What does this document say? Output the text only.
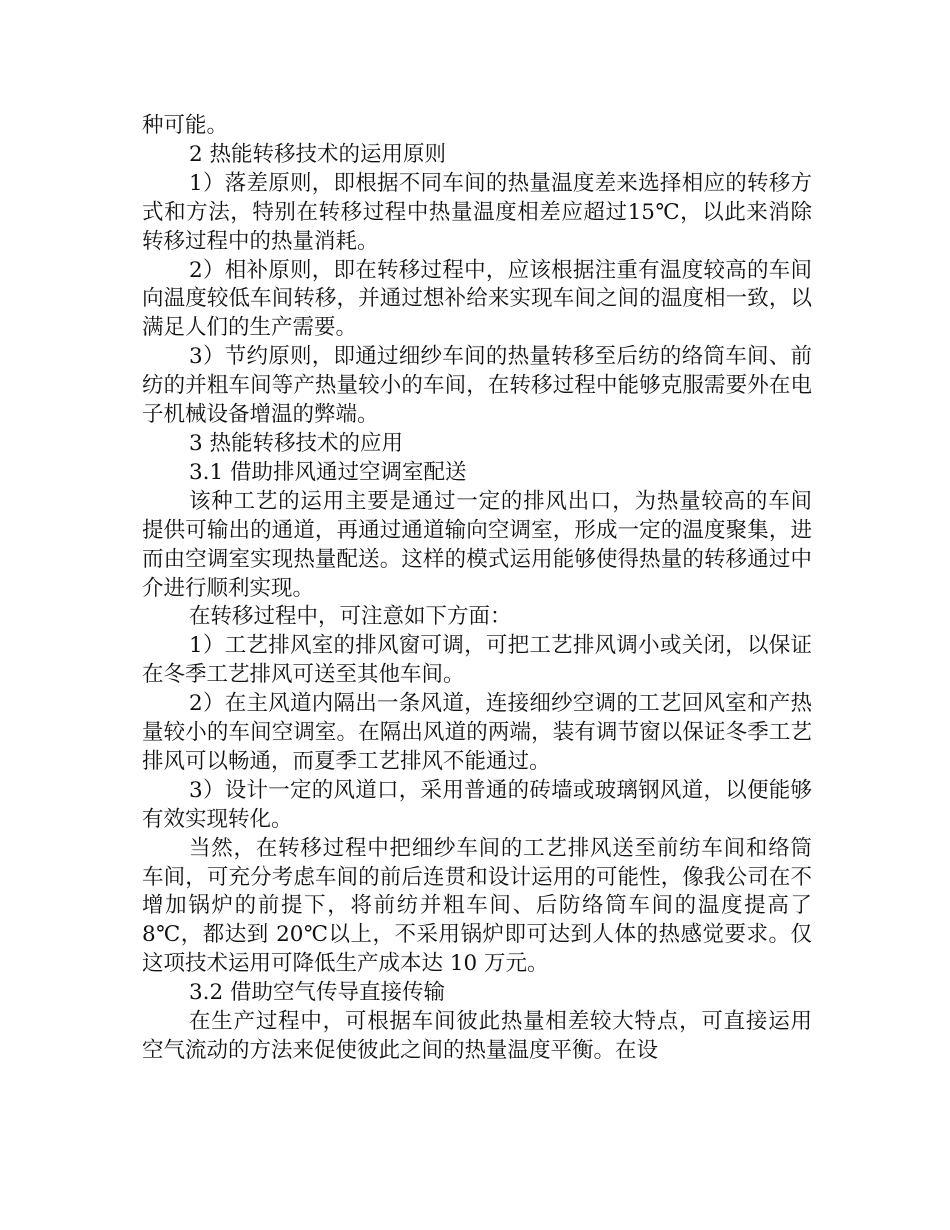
种可能。

2 热能转移技术的运用原则

1）落差原则，即根据不同车间的热量温度差来选择相应的转移方式和方法，特别在转移过程中热量温度相差应超过15℃，以此来消除转移过程中的热量消耗。

2）相补原则，即在转移过程中，应该根据注重有温度较高的车间向温度较低车间转移，并通过想补给来实现车间之间的温度相一致，以满足人们的生产需要。

3）节约原则，即通过细纱车间的热量转移至后纺的络筒车间、前纺的并粗车间等产热量较小的车间，在转移过程中能够克服需要外在电子机械设备增温的弊端。

3 热能转移技术的应用

3.1 借助排风通过空调室配送

该种工艺的运用主要是通过一定的排风出口，为热量较高的车间提供可输出的通道，再通过通道输向空调室，形成一定的温度聚集，进而由空调室实现热量配送。这样的模式运用能够使得热量的转移通过中介进行顺利实现。

在转移过程中，可注意如下方面：

1）工艺排风室的排风窗可调，可把工艺排风调小或关闭，以保证在冬季工艺排风可送至其他车间。

2）在主风道内隔出一条风道，连接细纱空调的工艺回风室和产热量较小的车间空调室。在隔出风道的两端，装有调节窗以保证冬季工艺排风可以畅通，而夏季工艺排风不能通过。

3）设计一定的风道口，采用普通的砖墙或玻璃钢风道，以便能够有效实现转化。

当然，在转移过程中把细纱车间的工艺排风送至前纺车间和络筒车间，可充分考虑车间的前后连贯和设计运用的可能性，像我公司在不增加锅炉的前提下，将前纺并粗车间、后防络筒车间的温度提高了 8℃，都达到 20℃以上，不采用锅炉即可达到人体的热感觉要求。仅这项技术运用可降低生产成本达 10 万元。

3.2 借助空气传导直接传输

在生产过程中，可根据车间彼此热量相差较大特点，可直接运用空气流动的方法来促使彼此之间的热量温度平衡。在设
